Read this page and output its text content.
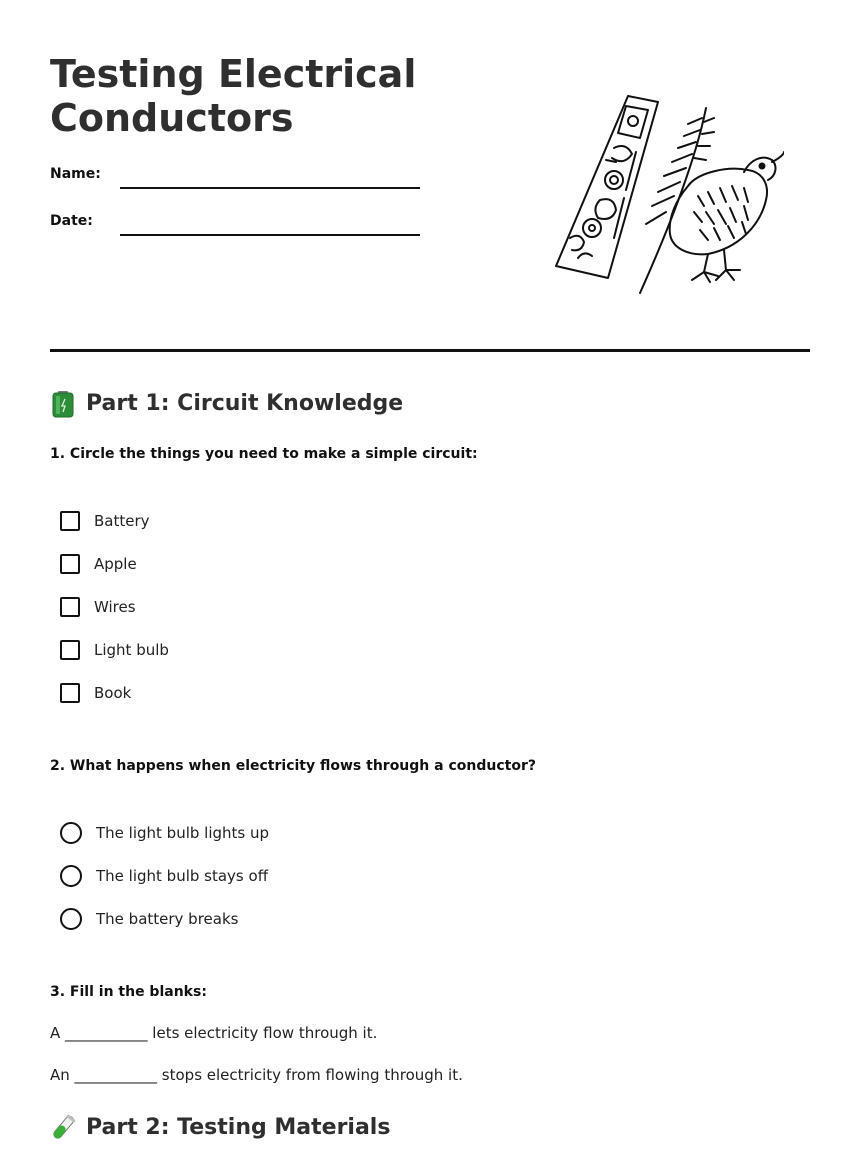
Testing Electrical Conductors
Name:
Date:
Part 1: Circuit Knowledge
1. Circle the things you need to make a simple circuit:
Battery
Apple
Wires
Light bulb
Book
2. What happens when electricity flows through a conductor?
The light bulb lights up
The light bulb stays off
The battery breaks
3. Fill in the blanks:
A ___________ lets electricity flow through it.
An ___________ stops electricity from flowing through it.
Part 2: Testing Materials
